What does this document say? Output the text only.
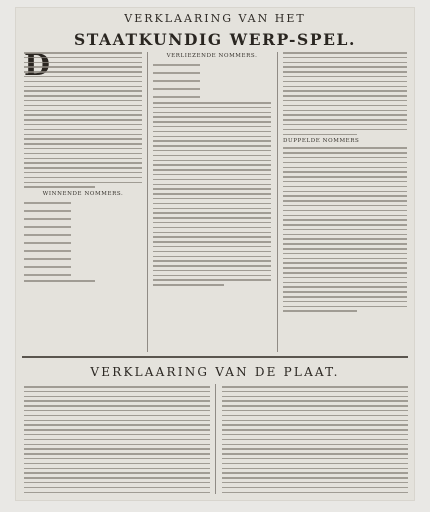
VERKLAARING VAN HET
STAATKUNDIG WERP-SPEL.
WINNENDE NOMMERS.
VERLIEZENDE NOMMERS.
DUPPELDE NOMMERS
VERKLAARING VAN DE PLAAT.
